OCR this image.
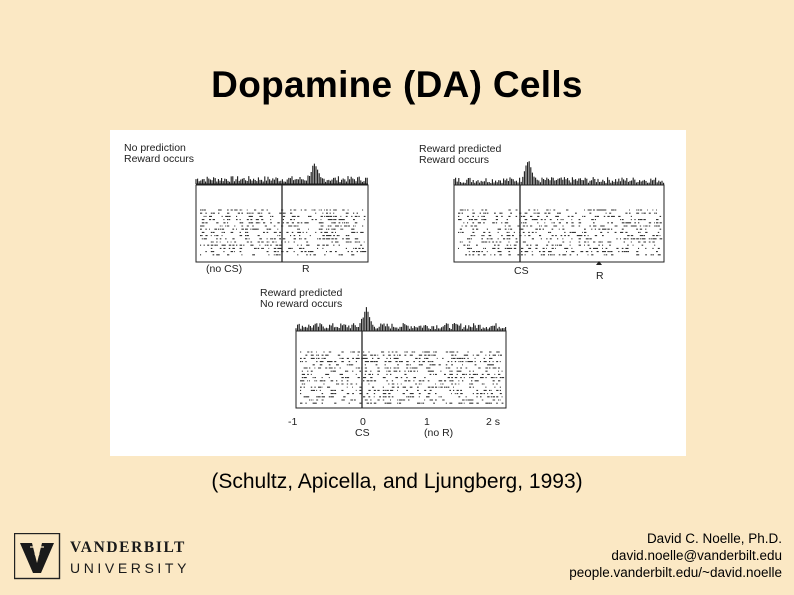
Dopamine (DA) Cells
No prediction
Reward occurs
(no CS)	R
Reward predicted
Reward occurs
CS	R
Reward predicted
No reward occurs
-1	0	1	2 s
CS	(no R)
(Schultz, Apicella, and Ljungberg, 1993)
VANDERBILT
UNIVERSITY
David C. Noelle, Ph.D.
david.noelle@vanderbilt.edu
people.vanderbilt.edu/~david.noelle
